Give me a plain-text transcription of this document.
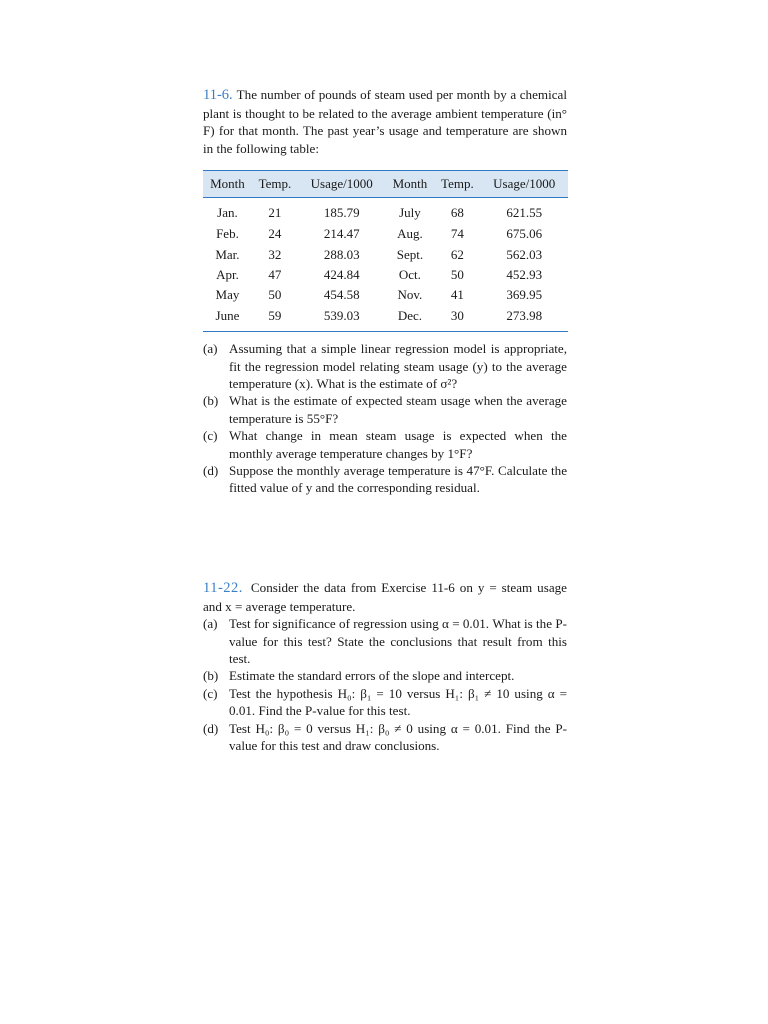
11-6. The number of pounds of steam used per month by a chemical plant is thought to be related to the average ambient temperature (in° F) for that month. The past year’s usage and temperature are shown in the following table:

Month	Temp.	Usage/1000	Month	Temp.	Usage/1000
Jan.	21	185.79	July	68	621.55
Feb.	24	214.47	Aug.	74	675.06
Mar.	32	288.03	Sept.	62	562.03
Apr.	47	424.84	Oct.	50	452.93
May	50	454.58	Nov.	41	369.95
June	59	539.03	Dec.	30	273.98
(a) Assuming that a simple linear regression model is appropriate, fit the regression model relating steam usage (y) to the average temperature (x). What is the estimate of σ²?
(b) What is the estimate of expected steam usage when the average temperature is 55°F?
(c) What change in mean steam usage is expected when the monthly average temperature changes by 1°F?
(d) Suppose the monthly average temperature is 47°F. Calculate the fitted value of y and the corresponding residual.

11-22. Consider the data from Exercise 11-6 on y = steam usage and x = average temperature.

(a) Test for significance of regression using α = 0.01. What is the P-value for this test? State the conclusions that result from this test.
(b) Estimate the standard errors of the slope and intercept.
(c) Test the hypothesis H₀: β₁ = 10 versus H₁: β₁ ≠ 10 using α = 0.01. Find the P-value for this test.
(d) Test H₀: β₀ = 0 versus H₁: β₀ ≠ 0 using α = 0.01. Find the P-value for this test and draw conclusions.
